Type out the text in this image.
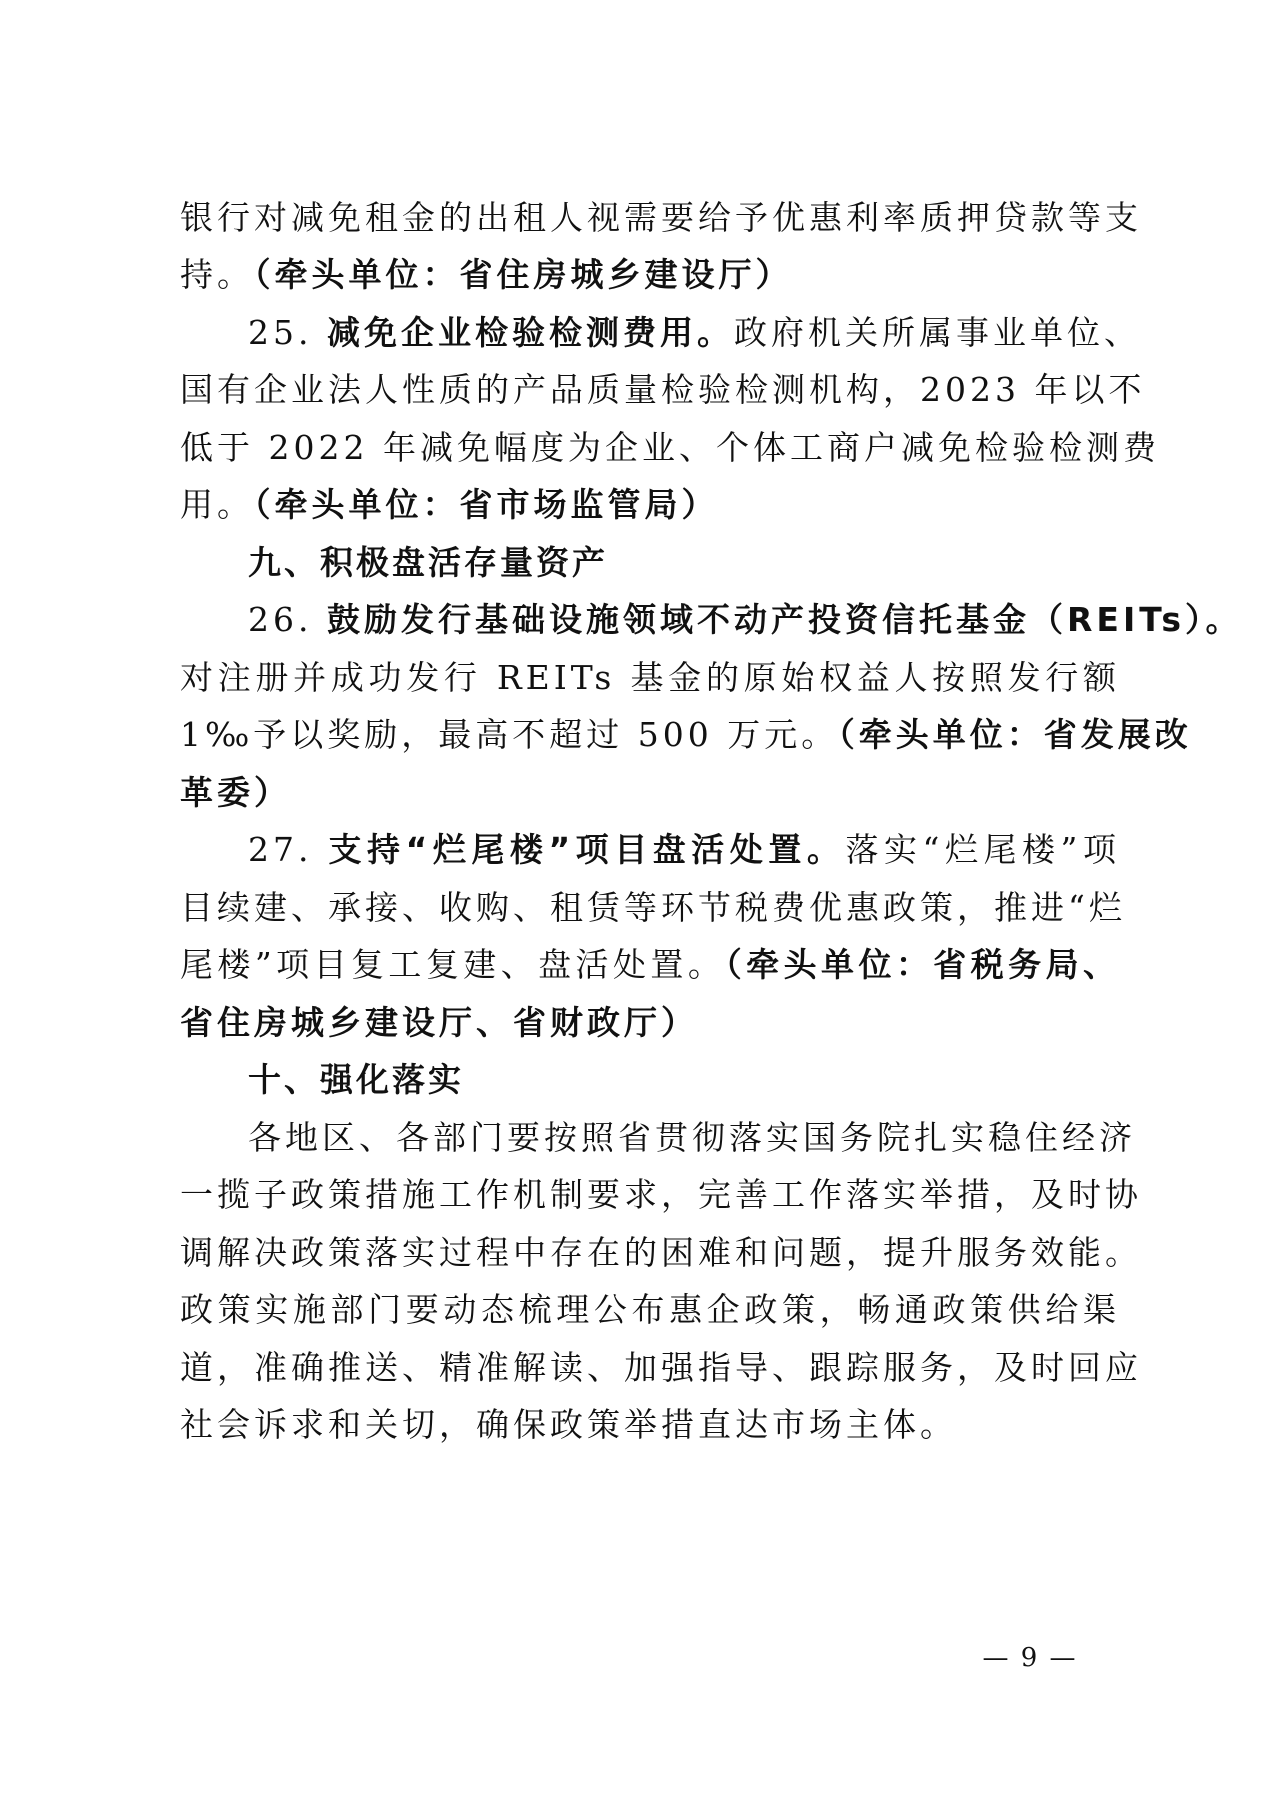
银行对减免租金的出租人视需要给予优惠利率质押贷款等支
持。（牵头单位：省住房城乡建设厅）
25. 减免企业检验检测费用。政府机关所属事业单位、
国有企业法人性质的产品质量检验检测机构，2023 年以不
低于 2022 年减免幅度为企业、个体工商户减免检验检测费
用。（牵头单位：省市场监管局）
九、积极盘活存量资产
26. 鼓励发行基础设施领域不动产投资信托基金（REITs）。
对注册并成功发行 REITs 基金的原始权益人按照发行额
1‰予以奖励，最高不超过 500 万元。（牵头单位：省发展改
革委）
27. 支持“烂尾楼”项目盘活处置。落实“烂尾楼”项
目续建、承接、收购、租赁等环节税费优惠政策，推进“烂
尾楼”项目复工复建、盘活处置。（牵头单位：省税务局、
省住房城乡建设厅、省财政厅）
十、强化落实
各地区、各部门要按照省贯彻落实国务院扎实稳住经济
一揽子政策措施工作机制要求，完善工作落实举措，及时协
调解决政策落实过程中存在的困难和问题，提升服务效能。
政策实施部门要动态梳理公布惠企政策，畅通政策供给渠
道，准确推送、精准解读、加强指导、跟踪服务，及时回应
社会诉求和关切，确保政策举措直达市场主体。
— 9 —
